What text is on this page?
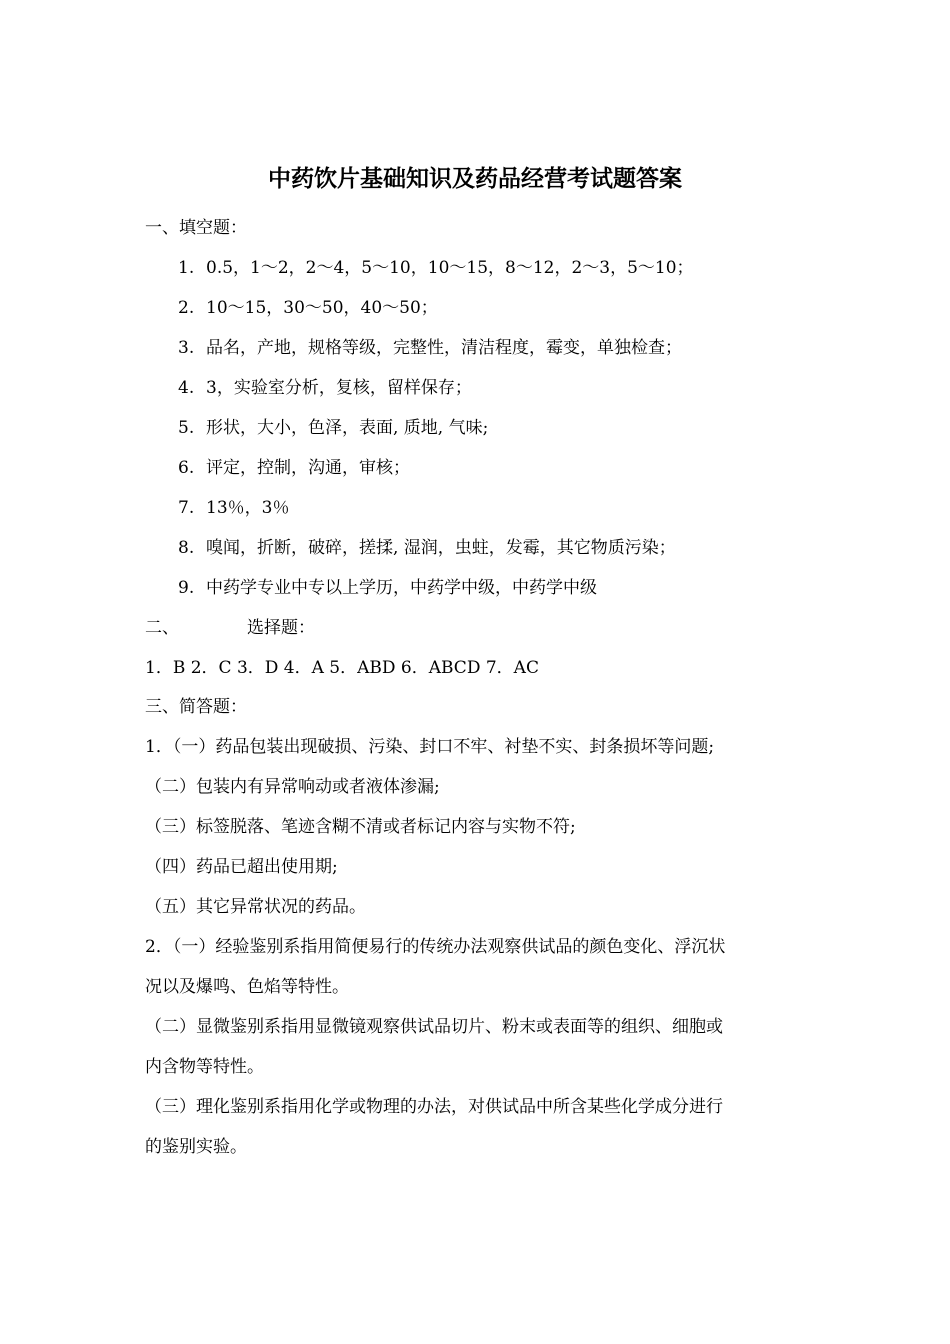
中药饮片基础知识及药品经营考试题答案
一、填空题：
1. 0.5，1～2，2～4，5～10，10～15，8～12，2～3，5～10；
2. 10～15，30～50，40～50；
3. 品名，产地，规格等级，完整性，清洁程度，霉变，单独检查；
4. 3，实验室分析，复核，留样保存；
5. 形状，大小，色泽，表面, 质地, 气味;
6. 评定，控制，沟通，审核；
7. 13％，3％
8. 嗅闻，折断，破碎，搓揉, 湿润，虫蛀，发霉，其它物质污染；
9. 中药学专业中专以上学历，中药学中级，中药学中级
二、	选择题：
1．B 2．C 3．D 4．A 5．ABD 6．ABCD 7．AC
三、简答题：
1．（一）药品包装出现破损、污染、封口不牢、衬垫不实、封条损坏等问题;
（二）包装内有异常响动或者液体渗漏;
（三）标签脱落、笔迹含糊不清或者标记内容与实物不符;
（四）药品已超出使用期;
（五）其它异常状况的药品。
2．（一）经验鉴别系指用简便易行的传统办法观察供试品的颜色变化、浮沉状
况以及爆鸣、色焰等特性。
（二）显微鉴别系指用显微镜观察供试品切片、粉末或表面等的组织、细胞或
内含物等特性。
（三）理化鉴别系指用化学或物理的办法，对供试品中所含某些化学成分进行
的鉴别实验。
